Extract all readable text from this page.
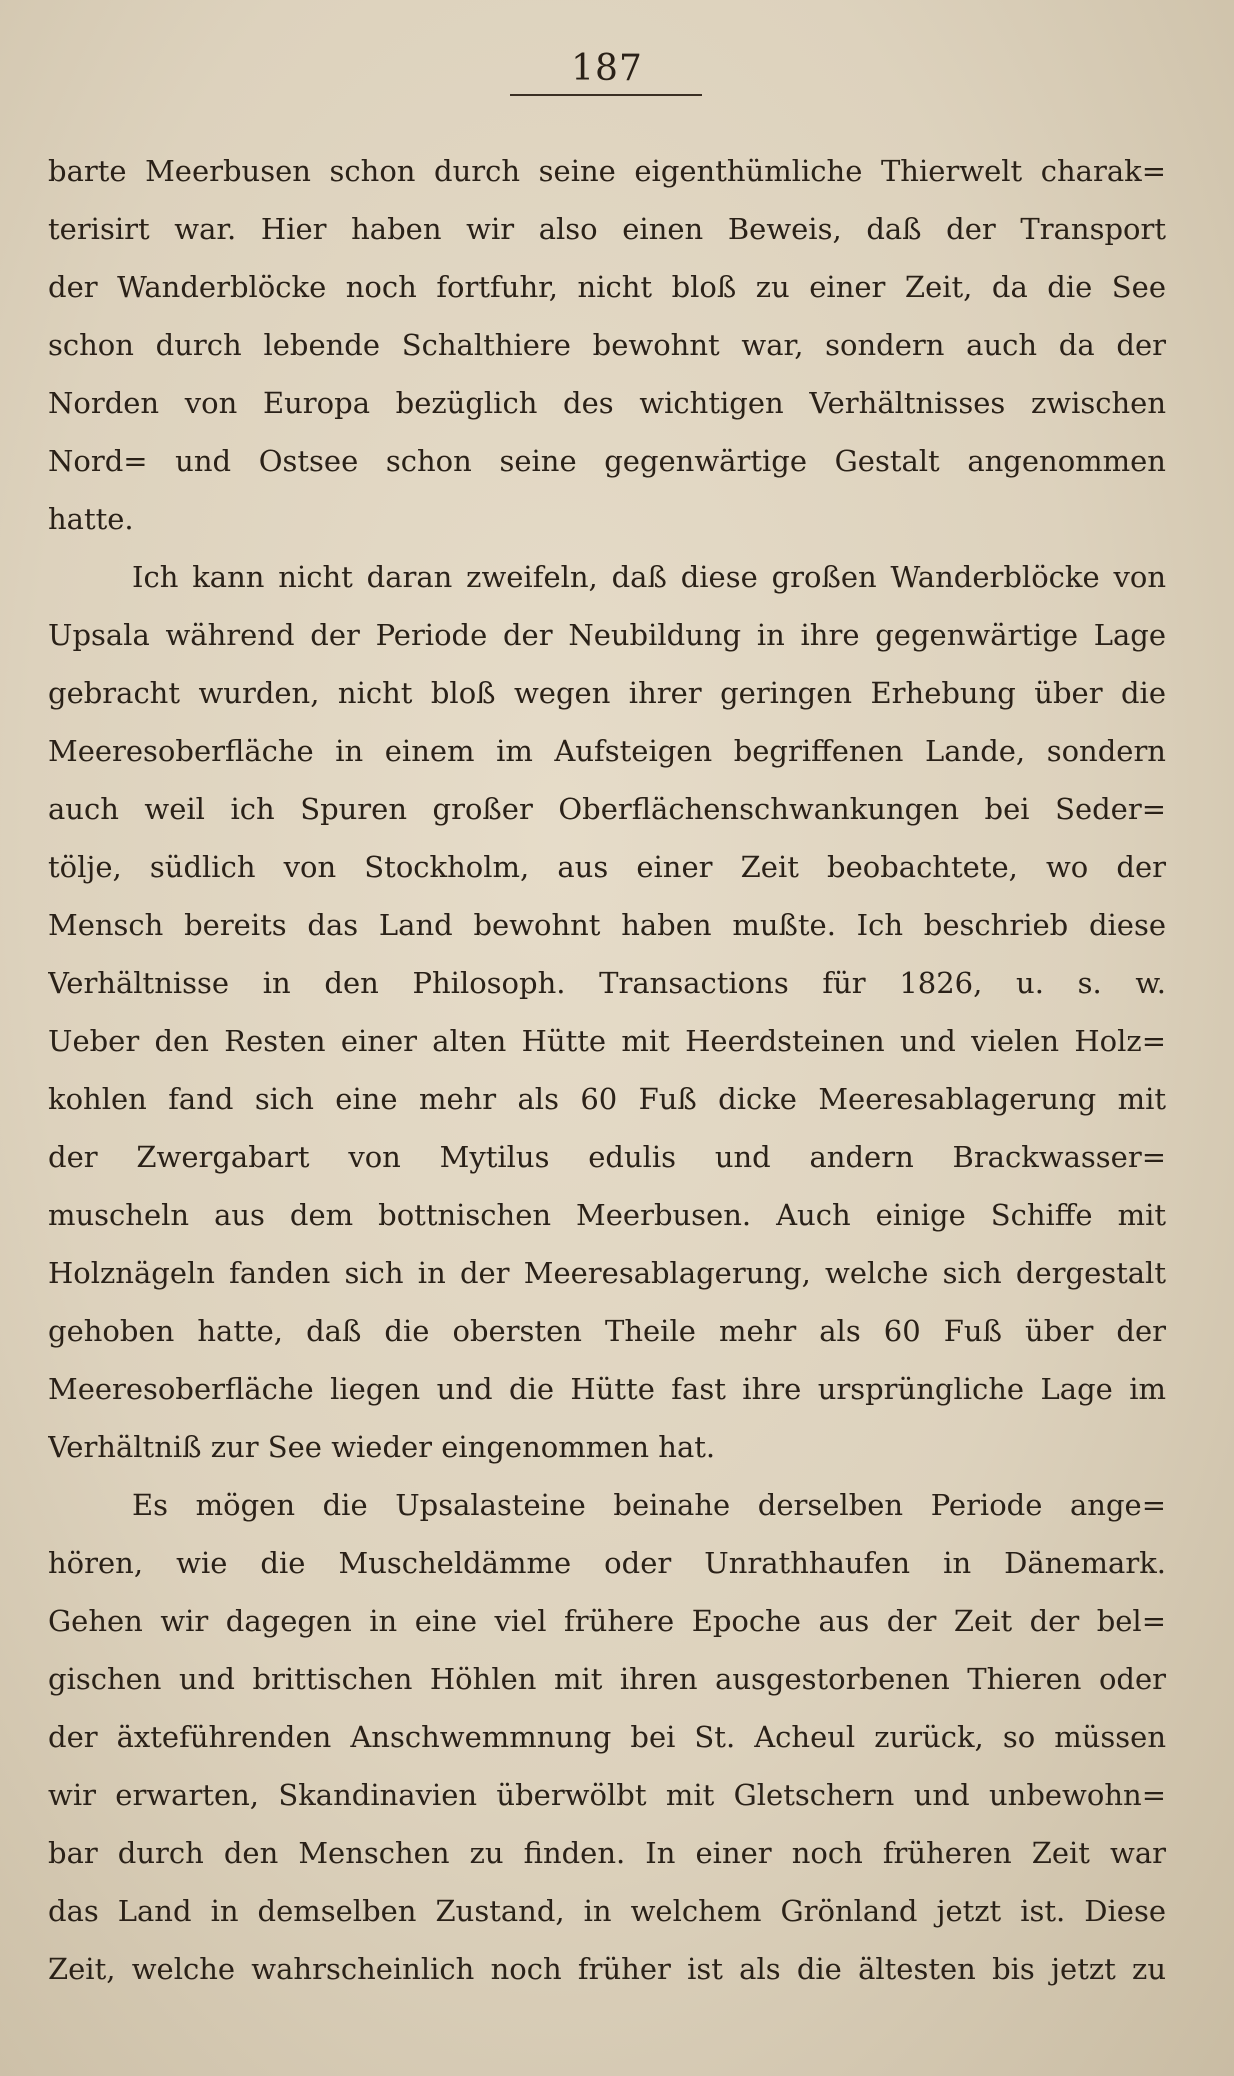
187
barte Meerbusen schon durch seine eigenthümliche Thierwelt charak=
terisirt war. Hier haben wir also einen Beweis, daß der Transport
der Wanderblöcke noch fortfuhr, nicht bloß zu einer Zeit, da die See
schon durch lebende Schalthiere bewohnt war, sondern auch da der
Norden von Europa bezüglich des wichtigen Verhältnisses zwischen
Nord= und Ostsee schon seine gegenwärtige Gestalt angenommen
hatte.
Ich kann nicht daran zweifeln, daß diese großen Wanderblöcke von
Upsala während der Periode der Neubildung in ihre gegenwärtige Lage
gebracht wurden, nicht bloß wegen ihrer geringen Erhebung über die
Meeresoberfläche in einem im Aufsteigen begriffenen Lande, sondern
auch weil ich Spuren großer Oberflächenschwankungen bei Seder=
tölje, südlich von Stockholm, aus einer Zeit beobachtete, wo der
Mensch bereits das Land bewohnt haben mußte. Ich beschrieb diese
Verhältnisse in den Philosoph. Transactions für 1826, u. s. w.
Ueber den Resten einer alten Hütte mit Heerdsteinen und vielen Holz=
kohlen fand sich eine mehr als 60 Fuß dicke Meeresablagerung mit
der Zwergabart von Mytilus edulis und andern Brackwasser=
muscheln aus dem bottnischen Meerbusen. Auch einige Schiffe mit
Holznägeln fanden sich in der Meeresablagerung, welche sich dergestalt
gehoben hatte, daß die obersten Theile mehr als 60 Fuß über der
Meeresoberfläche liegen und die Hütte fast ihre ursprüngliche Lage im
Verhältniß zur See wieder eingenommen hat.
Es mögen die Upsalasteine beinahe derselben Periode ange=
hören, wie die Muscheldämme oder Unrathhaufen in Dänemark.
Gehen wir dagegen in eine viel frühere Epoche aus der Zeit der bel=
gischen und brittischen Höhlen mit ihren ausgestorbenen Thieren oder
der äxteführenden Anschwemmnung bei St. Acheul zurück, so müssen
wir erwarten, Skandinavien überwölbt mit Gletschern und unbewohn=
bar durch den Menschen zu finden. In einer noch früheren Zeit war
das Land in demselben Zustand, in welchem Grönland jetzt ist. Diese
Zeit, welche wahrscheinlich noch früher ist als die ältesten bis jetzt zu
